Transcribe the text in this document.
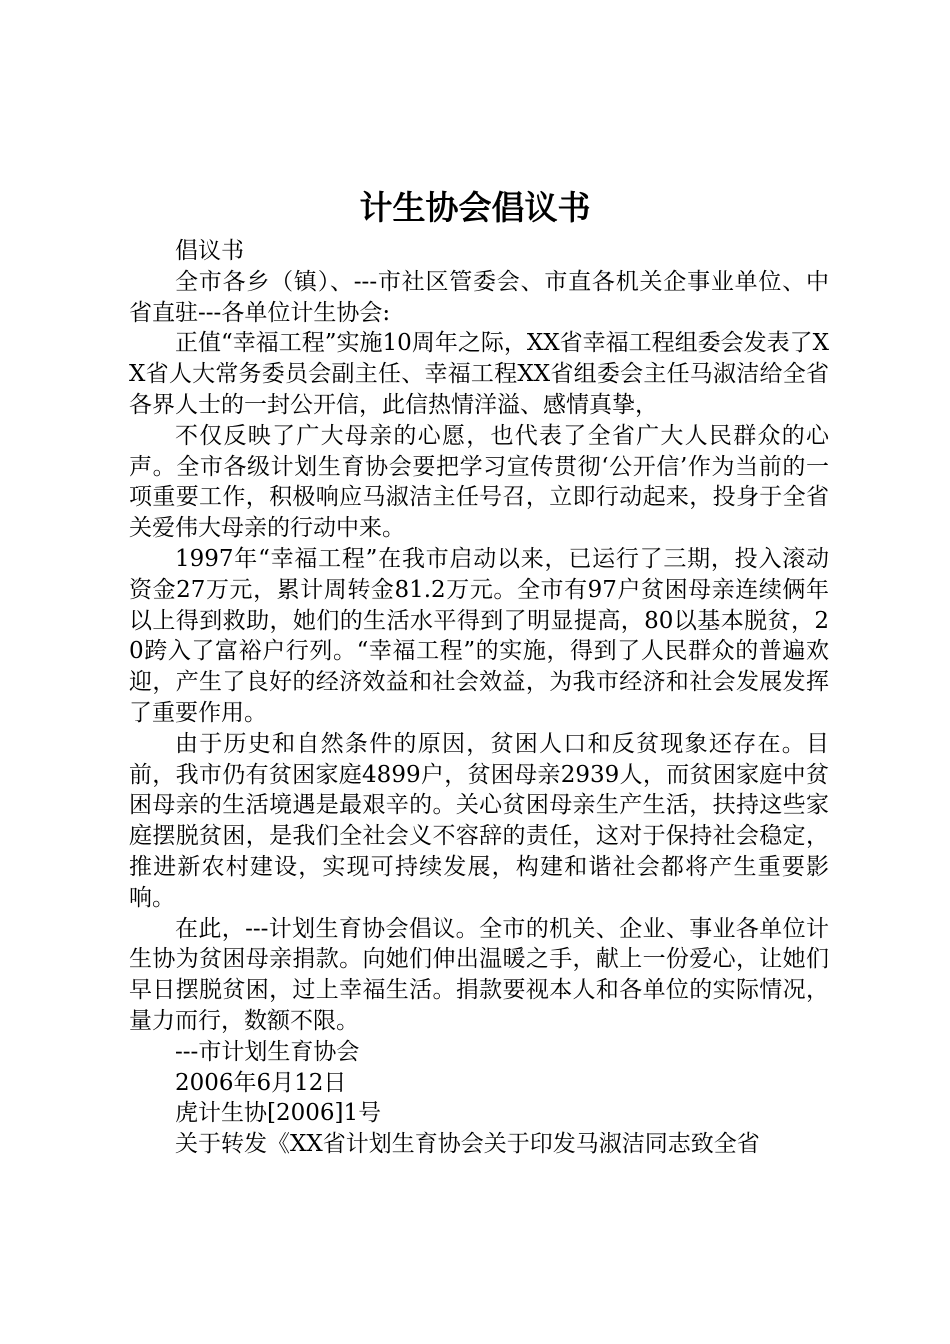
计生协会倡议书

倡议书

全市各乡（镇）、---市社区管委会、市直各机关企事业单位、中省直驻---各单位计生协会:

正值“幸福工程”实施10周年之际，XX省幸福工程组委会发表了XX省人大常务委员会副主任、幸福工程XX省组委会主任马淑洁给全省各界人士的一封公开信，此信热情洋溢、感情真挚，

不仅反映了广大母亲的心愿，也代表了全省广大人民群众的心声。全市各级计划生育协会要把学习宣传贯彻‘公开信’作为当前的一项重要工作，积极响应马淑洁主任号召，立即行动起来，投身于全省关爱伟大母亲的行动中来。

1997年“幸福工程”在我市启动以来，已运行了三期，投入滚动资金27万元，累计周转金81.2万元。全市有97户贫困母亲连续俩年以上得到救助，她们的生活水平得到了明显提高，80以基本脱贫，20跨入了富裕户行列。“幸福工程”的实施，得到了人民群众的普遍欢迎，产生了良好的经济效益和社会效益，为我市经济和社会发展发挥了重要作用。

由于历史和自然条件的原因，贫困人口和反贫现象还存在。目前，我市仍有贫困家庭4899户，贫困母亲2939人，而贫困家庭中贫困母亲的生活境遇是最艰辛的。关心贫困母亲生产生活，扶持这些家庭摆脱贫困，是我们全社会义不容辞的责任，这对于保持社会稳定，推进新农村建设，实现可持续发展，构建和谐社会都将产生重要影响。

在此，---计划生育协会倡议。全市的机关、企业、事业各单位计生协为贫困母亲捐款。向她们伸出温暖之手，献上一份爱心，让她们早日摆脱贫困，过上幸福生活。捐款要视本人和各单位的实际情况，量力而行，数额不限。

---市计划生育协会

2006年6月12日

虎计生协[2006]1号

关于转发《XX省计划生育协会关于印发马淑洁同志致全省
